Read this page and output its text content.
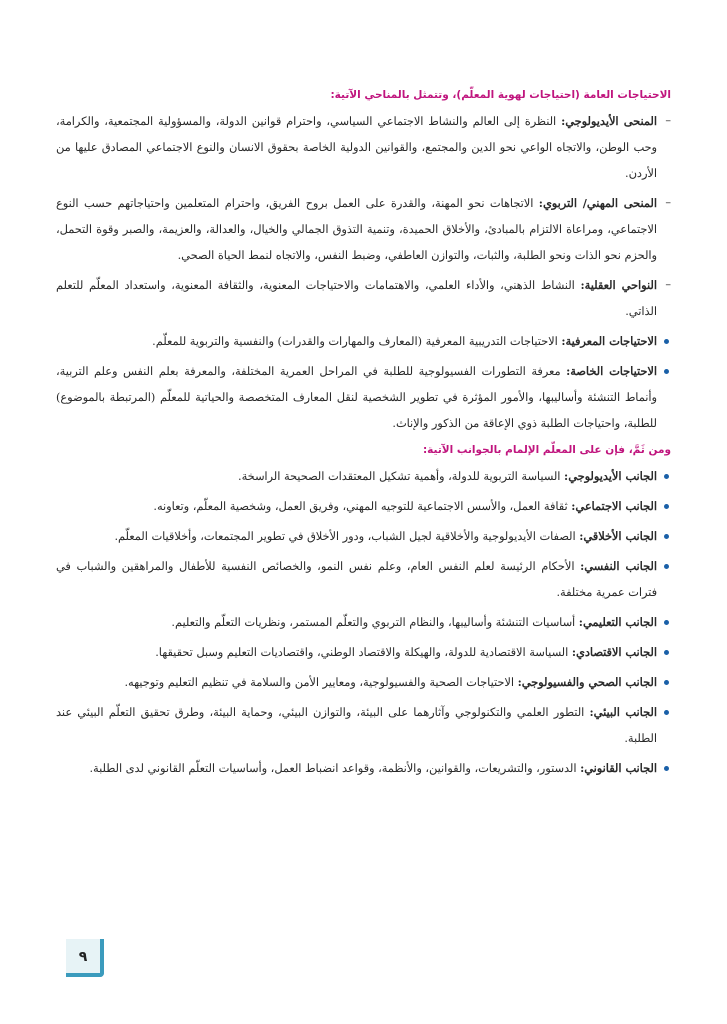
الاحتياجات العامة (احتياجات لهوية المعلّم)، وتتمثل بالمناحي الآتية:
– المنحى الأيديولوجي: النظرة إلى العالم والنشاط الاجتماعي السياسي، واحترام قوانين الدولة، والمسؤولية المجتمعية، والكرامة، وحب الوطن، والاتجاه الواعي نحو الدين والمجتمع، والقوانين الدولية الخاصة بحقوق الانسان والنوع الاجتماعي المصادق عليها من الأردن.
– المنحى المهني/ التربوي: الاتجاهات نحو المهنة، والقدرة على العمل بروح الفريق، واحترام المتعلمين واحتياجاتهم حسب النوع الاجتماعي، ومراعاة الالتزام بالمبادئ، والأخلاق الحميدة، وتنمية التذوق الجمالي والخيال، والعدالة، والعزيمة، والصبر وقوة التحمل، والحزم نحو الذات ونحو الطلبة، والثبات، والتوازن العاطفي، وضبط النفس، والاتجاه لنمط الحياة الصحي.
– النواحي العقلية: النشاط الذهني، والأداء العلمي، والاهتمامات والاحتياجات المعنوية، والثقافة المعنوية، واستعداد المعلّم للتعلم الذاتي.
الاحتياجات المعرفية: الاحتياجات التدريبية المعرفية (المعارف والمهارات والقدرات) والنفسية والتربوية للمعلّم.
الاحتياجات الخاصة: معرفة التطورات الفسيولوجية للطلبة في المراحل العمرية المختلفة، والمعرفة بعلم النفس وعلم التربية، وأنماط التنشئة وأساليبها، والأمور المؤثرة في تطوير الشخصية لنقل المعارف المتخصصة والحياتية للمعلّم (المرتبطة بالموضوع) للطلبة، واحتياجات الطلبة ذوي الإعاقة من الذكور والإناث.
ومن ثَمَّ، فإن على المعلّم الإلمام بالجوانب الآتية:
الجانب الأيديولوجي: السياسة التربوية للدولة، وأهمية تشكيل المعتقدات الصحيحة الراسخة.
الجانب الاجتماعي: ثقافة العمل، والأسس الاجتماعية للتوجيه المهني، وفريق العمل، وشخصية المعلّم، وتعاونه.
الجانب الأخلاقي: الصفات الأيديولوجية والأخلاقية لجيل الشباب، ودور الأخلاق في تطوير المجتمعات، وأخلاقيات المعلّم.
الجانب النفسي: الأحكام الرئيسة لعلم النفس العام، وعلم نفس النمو، والخصائص النفسية للأطفال والمراهقين والشباب في فترات عمرية مختلفة.
الجانب التعليمي: أساسيات التنشئة وأساليبها، والنظام التربوي والتعلّم المستمر، ونظريات التعلّم والتعليم.
الجانب الاقتصادي: السياسة الاقتصادية للدولة، والهيكلة والاقتصاد الوطني، واقتصاديات التعليم وسبل تحقيقها.
الجانب الصحي والفسيولوجي: الاحتياجات الصحية والفسيولوجية، ومعايير الأمن والسلامة في تنظيم التعليم وتوجيهه.
الجانب البيئي: التطور العلمي والتكنولوجي وآثارهما على البيئة، والتوازن البيئي، وحماية البيئة، وطرق تحقيق التعلّم البيئي عند الطلبة.
الجانب القانوني: الدستور، والتشريعات، والقوانين، والأنظمة، وقواعد انضباط العمل، وأساسيات التعلّم القانوني لدى الطلبة.
٩
